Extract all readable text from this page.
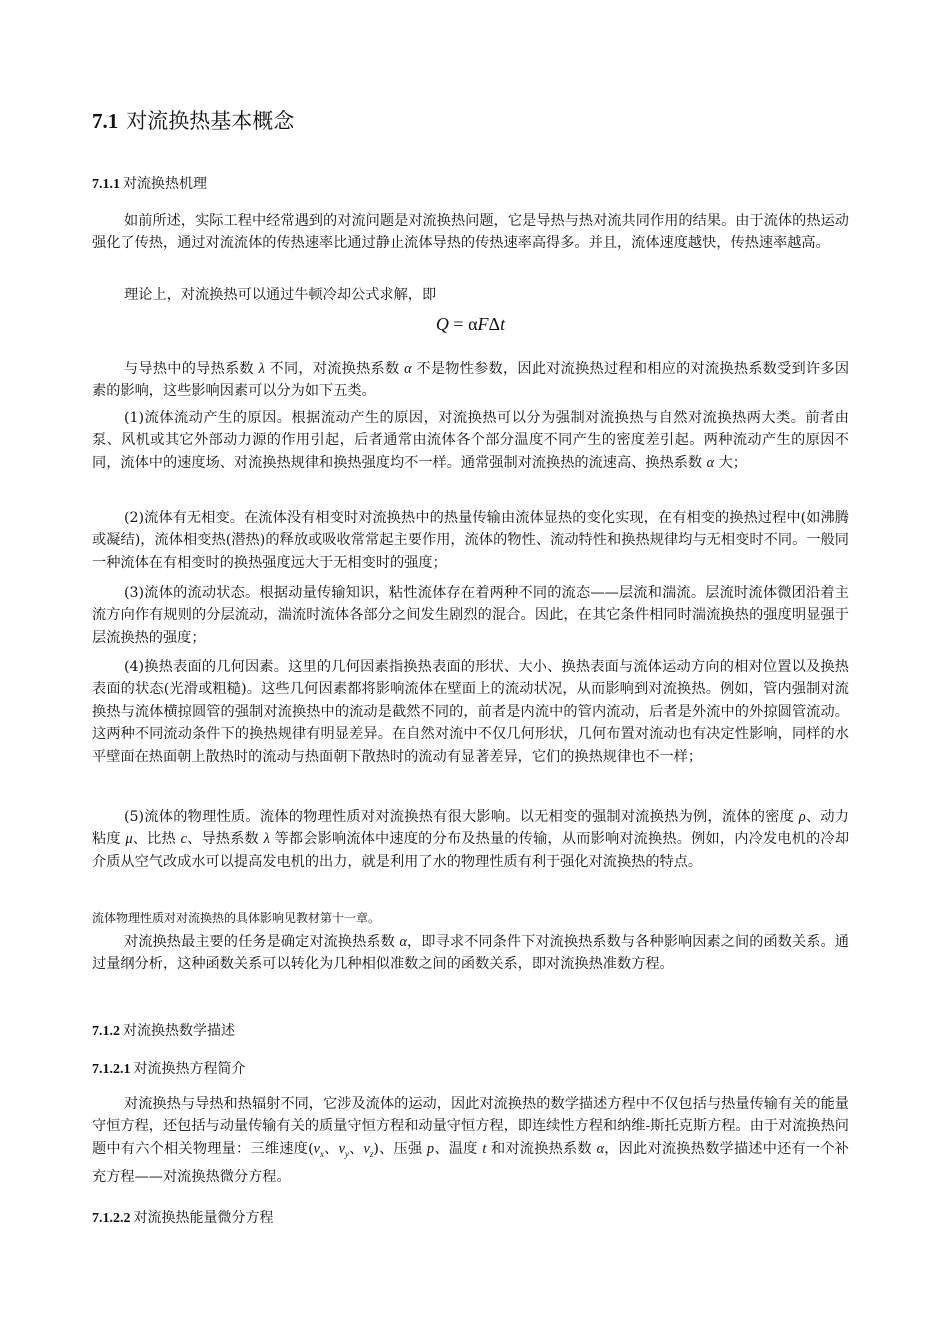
7.1 对流换热基本概念
7.1.1 对流换热机理

如前所述，实际工程中经常遇到的对流问题是对流换热问题，它是导热与热对流共同作用的结果。由于流体的热运动强化了传热，通过对流流体的传热速率比通过静止流体导热的传热速率高得多。并且，流体速度越快，传热速率越高。

理论上，对流换热可以通过牛顿冷却公式求解，即

Q = αFΔt

与导热中的导热系数 λ 不同，对流换热系数 α 不是物性参数，因此对流换热过程和相应的对流换热系数受到许多因素的影响，这些影响因素可以分为如下五类。

(1)流体流动产生的原因。根据流动产生的原因，对流换热可以分为强制对流换热与自然对流换热两大类。前者由泵、风机或其它外部动力源的作用引起，后者通常由流体各个部分温度不同产生的密度差引起。两种流动产生的原因不同，流体中的速度场、对流换热规律和换热强度均不一样。通常强制对流换热的流速高、换热系数 α 大；

(2)流体有无相变。在流体没有相变时对流换热中的热量传输由流体显热的变化实现，在有相变的换热过程中(如沸腾或凝结)，流体相变热(潜热)的释放或吸收常常起主要作用，流体的物性、流动特性和换热规律均与无相变时不同。一般同一种流体在有相变时的换热强度远大于无相变时的强度；

(3)流体的流动状态。根据动量传输知识，粘性流体存在着两种不同的流态——层流和湍流。层流时流体微团沿着主流方向作有规则的分层流动，湍流时流体各部分之间发生剧烈的混合。因此，在其它条件相同时湍流换热的强度明显强于层流换热的强度；

(4)换热表面的几何因素。这里的几何因素指换热表面的形状、大小、换热表面与流体运动方向的相对位置以及换热表面的状态(光滑或粗糙)。这些几何因素都将影响流体在壁面上的流动状况，从而影响到对流换热。例如，管内强制对流换热与流体横掠圆管的强制对流换热中的流动是截然不同的，前者是内流中的管内流动，后者是外流中的外掠圆管流动。这两种不同流动条件下的换热规律有明显差异。在自然对流中不仅几何形状，几何布置对流动也有决定性影响，同样的水平壁面在热面朝上散热时的流动与热面朝下散热时的流动有显著差异，它们的换热规律也不一样；

(5)流体的物理性质。流体的物理性质对对流换热有很大影响。以无相变的强制对流换热为例，流体的密度 ρ、动力粘度 μ、比热 c、导热系数 λ 等都会影响流体中速度的分布及热量的传输，从而影响对流换热。例如，内冷发电机的冷却介质从空气改成水可以提高发电机的出力，就是利用了水的物理性质有利于强化对流换热的特点。

流体物理性质对对流换热的具体影响见教材第十一章。

对流换热最主要的任务是确定对流换热系数 α，即寻求不同条件下对流换热系数与各种影响因素之间的函数关系。通过量纲分析，这种函数关系可以转化为几种相似准数之间的函数关系，即对流换热准数方程。

7.1.2 对流换热数学描述
7.1.2.1 对流换热方程简介

对流换热与导热和热辐射不同，它涉及流体的运动，因此对流换热的数学描述方程中不仅包括与热量传输有关的能量守恒方程，还包括与动量传输有关的质量守恒方程和动量守恒方程，即连续性方程和纳维-斯托克斯方程。由于对流换热问题中有六个相关物理量：三维速度($v_x$、$v_y$、$v_z$)、压强 p、温度 t 和对流换热系数 α，因此对流换热数学描述中还有一个补充方程——对流换热微分方程。

7.1.2.2 对流换热能量微分方程
